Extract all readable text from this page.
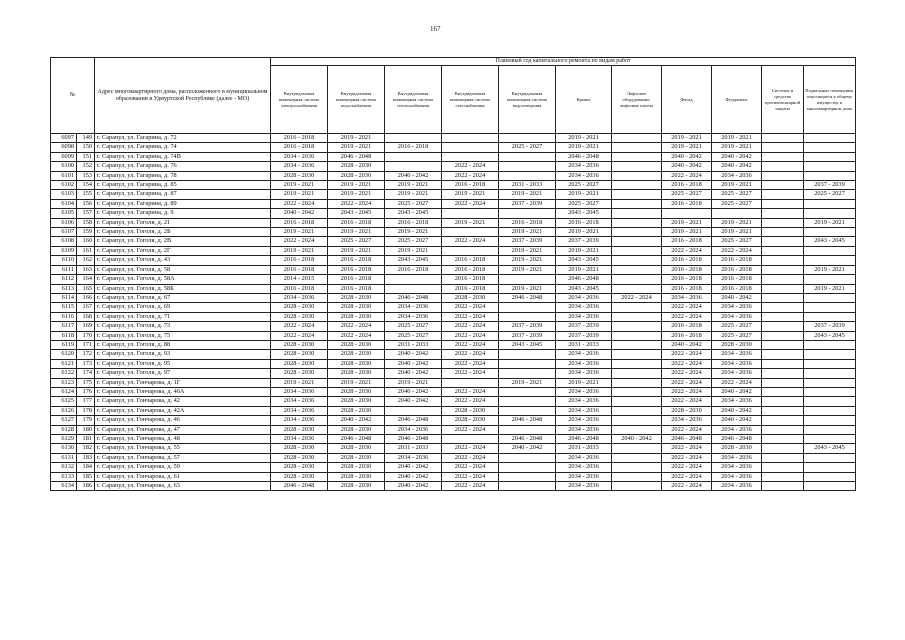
167
№		Адрес многоквартирного дома, расположенного в муниципальном образовании в Удмуртской Республике (далее - МО)	Плановый год капитального ремонта по видам работ										
			Внутридомовая инженерная система электроснабжения	Внутридомовая инженерная система водоснабжения	Внутридомовая инженерная система теплоснабжения	Внутридомовая инженерная система газоснабжения	Внутридомовая инженерная система водоотведения	Крыша	Лифтовое оборудование, лифтовые шахты	Фасад	Фундамент	Системы и средства противопожарной защиты	Подвальные помещения, относящиеся к общему имуществу в многоквартирном доме
6097	149	г. Сарапул, ул. Гагарина, д. 72	2016 - 2018	2019 - 2021				2019 - 2021		2019 - 2021	2019 - 2021		
6098	150	г. Сарапул, ул. Гагарина, д. 74	2016 - 2018	2019 - 2021	2016 - 2018		2025 - 2027	2019 - 2021		2019 - 2021	2019 - 2021		
6099	151	г. Сарапул, ул. Гагарина, д. 74В	2034 - 2036	2046 - 2048				2046 - 2048		2040 - 2042	2040 - 2042		
6100	152	г. Сарапул, ул. Гагарина, д. 76	2034 - 2036	2028 - 2030		2022 - 2024		2034 - 2036		2040 - 2042	2040 - 2042		
6101	153	г. Сарапул, ул. Гагарина, д. 78	2028 - 2030	2028 - 2030	2040 - 2042	2022 - 2024		2034 - 2036		2022 - 2024	2034 - 2036		
6102	154	г. Сарапул, ул. Гагарина, д. 85	2019 - 2021	2019 - 2021	2019 - 2021	2016 - 2018	2031 - 2033	2025 - 2027		2016 - 2018	2019 - 2021		2037 - 2039
6103	155	г. Сарапул, ул. Гагарина, д. 87	2019 - 2021	2019 - 2021	2019 - 2021	2019 - 2021	2019 - 2021	2019 - 2021		2025 - 2027	2025 - 2027		2025 - 2027
6104	156	г. Сарапул, ул. Гагарина, д. 89	2022 - 2024	2022 - 2024	2025 - 2027	2022 - 2024	2037 - 2039	2025 - 2027		2016 - 2018	2025 - 2027		
6105	157	г. Сарапул, ул. Гагарина, д. 9	2040 - 2042	2043 - 2045	2043 - 2045			2043 - 2045					
6106	158	г. Сарапул, ул. Гоголя, д. 21	2016 - 2018	2016 - 2018	2016 - 2018	2019 - 2021	2016 - 2018	2016 - 2018		2019 - 2021	2019 - 2021		2019 - 2021
6107	159	г. Сарапул, ул. Гоголя, д. 2Б	2019 - 2021	2019 - 2021	2019 - 2021		2019 - 2021	2019 - 2021		2019 - 2021	2019 - 2021		
6108	160	г. Сарапул, ул. Гоголя, д. 2В	2022 - 2024	2025 - 2027	2025 - 2027	2022 - 2024	2037 - 2039	2037 - 2039		2016 - 2018	2025 - 2027		2043 - 2045
6109	161	г. Сарапул, ул. Гоголя, д. 2Г	2019 - 2021	2019 - 2021	2019 - 2021		2019 - 2021	2019 - 2021		2022 - 2024	2022 - 2024		
6110	162	г. Сарапул, ул. Гоголя, д. 43	2016 - 2018	2016 - 2018	2043 - 2045	2016 - 2018	2019 - 2021	2043 - 2045		2016 - 2018	2016 - 2018		
6111	163	г. Сарапул, ул. Гоголя, д. 58	2016 - 2018	2016 - 2018	2016 - 2018	2016 - 2018	2019 - 2021	2019 - 2021		2016 - 2018	2016 - 2018		2019 - 2021
6112	164	г. Сарапул, ул. Гоголя, д. 58А	2014 - 2015	2016 - 2018		2016 - 2018		2046 - 2048		2016 - 2018	2016 - 2018		
6113	165	г. Сарапул, ул. Гоголя, д. 58Б	2016 - 2018	2016 - 2018		2016 - 2018	2019 - 2021	2043 - 2045		2016 - 2018	2016 - 2018		2019 - 2021
6114	166	г. Сарапул, ул. Гоголя, д. 67	2034 - 2036	2028 - 2030	2046 - 2048	2028 - 2030	2046 - 2048	2034 - 2036	2022 - 2024	2034 - 2036	2040 - 2042		
6115	167	г. Сарапул, ул. Гоголя, д. 69	2028 - 2030	2028 - 2030	2034 - 2036	2022 - 2024		2034 - 2036		2022 - 2024	2034 - 2036		
6116	168	г. Сарапул, ул. Гоголя, д. 71	2028 - 2030	2028 - 2030	2034 - 2036	2022 - 2024		2034 - 2036		2022 - 2024	2034 - 2036		
6117	169	г. Сарапул, ул. Гоголя, д. 73	2022 - 2024	2022 - 2024	2025 - 2027	2022 - 2024	2037 - 2039	2037 - 2039		2016 - 2018	2025 - 2027		2037 - 2039
6118	170	г. Сарапул, ул. Гоголя, д. 75	2022 - 2024	2022 - 2024	2025 - 2027	2022 - 2024	2037 - 2039	2037 - 2039		2016 - 2018	2025 - 2027		2043 - 2045
6119	171	г. Сарапул, ул. Гоголя, д. 88	2028 - 2030	2028 - 2030	2031 - 2033	2022 - 2024	2043 - 2045	2031 - 2033		2040 - 2042	2028 - 2030		
6120	172	г. Сарапул, ул. Гоголя, д. 93	2028 - 2030	2028 - 2030	2040 - 2042	2022 - 2024		2034 - 2036		2022 - 2024	2034 - 2036		
6121	173	г. Сарапул, ул. Гоголя, д. 95	2028 - 2030	2028 - 2030	2040 - 2042	2022 - 2024		2034 - 2036		2022 - 2024	2034 - 2036		
6122	174	г. Сарапул, ул. Гоголя, д. 97	2028 - 2030	2028 - 2030	2040 - 2042	2022 - 2024		2034 - 2036		2022 - 2024	2034 - 2036		
6123	175	г. Сарапул, ул. Гончарова, д. 1Г	2019 - 2021	2019 - 2021	2019 - 2021		2019 - 2021	2019 - 2021		2022 - 2024	2022 - 2024		
6124	176	г. Сарапул, ул. Гончарова, д. 40А	2034 - 2036	2028 - 2030	2040 - 2042	2022 - 2024		2034 - 2036		2022 - 2024	2040 - 2042		
6125	177	г. Сарапул, ул. Гончарова, д. 42	2034 - 2036	2028 - 2030	2040 - 2042	2022 - 2024		2034 - 2036		2022 - 2024	2034 - 2036		
6126	178	г. Сарапул, ул. Гончарова, д. 42А	2034 - 2036	2028 - 2030		2028 - 2030		2034 - 2036		2028 - 2030	2040 - 2042		
6127	179	г. Сарапул, ул. Гончарова, д. 46	2034 - 2036	2040 - 2042	2046 - 2048	2028 - 2030	2046 - 2048	2034 - 2036		2034 - 2036	2040 - 2042		
6128	180	г. Сарапул, ул. Гончарова, д. 47	2028 - 2030	2028 - 2030	2034 - 2036	2022 - 2024		2034 - 2036		2022 - 2024	2034 - 2036		
6129	181	г. Сарапул, ул. Гончарова, д. 48	2034 - 2036	2046 - 2048	2046 - 2048		2046 - 2048	2046 - 2048	2040 - 2042	2046 - 2048	2046 - 2048		
6130	182	г. Сарапул, ул. Гончарова, д. 55	2028 - 2030	2028 - 2030	2031 - 2033	2022 - 2024	2040 - 2042	2031 - 2033		2022 - 2024	2028 - 2030		2043 - 2045
6131	183	г. Сарапул, ул. Гончарова, д. 57	2028 - 2030	2028 - 2030	2034 - 2036	2022 - 2024		2034 - 2036		2022 - 2024	2034 - 2036		
6132	184	г. Сарапул, ул. Гончарова, д. 59	2028 - 2030	2028 - 2030	2040 - 2042	2022 - 2024		2034 - 2036		2022 - 2024	2034 - 2036		
6133	185	г. Сарапул, ул. Гончарова, д. 61	2028 - 2030	2028 - 2030	2040 - 2042	2022 - 2024		2034 - 2036		2022 - 2024	2034 - 2036		
6134	186	г. Сарапул, ул. Гончарова, д. 63	2046 - 2048	2028 - 2030	2040 - 2042	2022 - 2024		2034 - 2036		2022 - 2024	2034 - 2036		
